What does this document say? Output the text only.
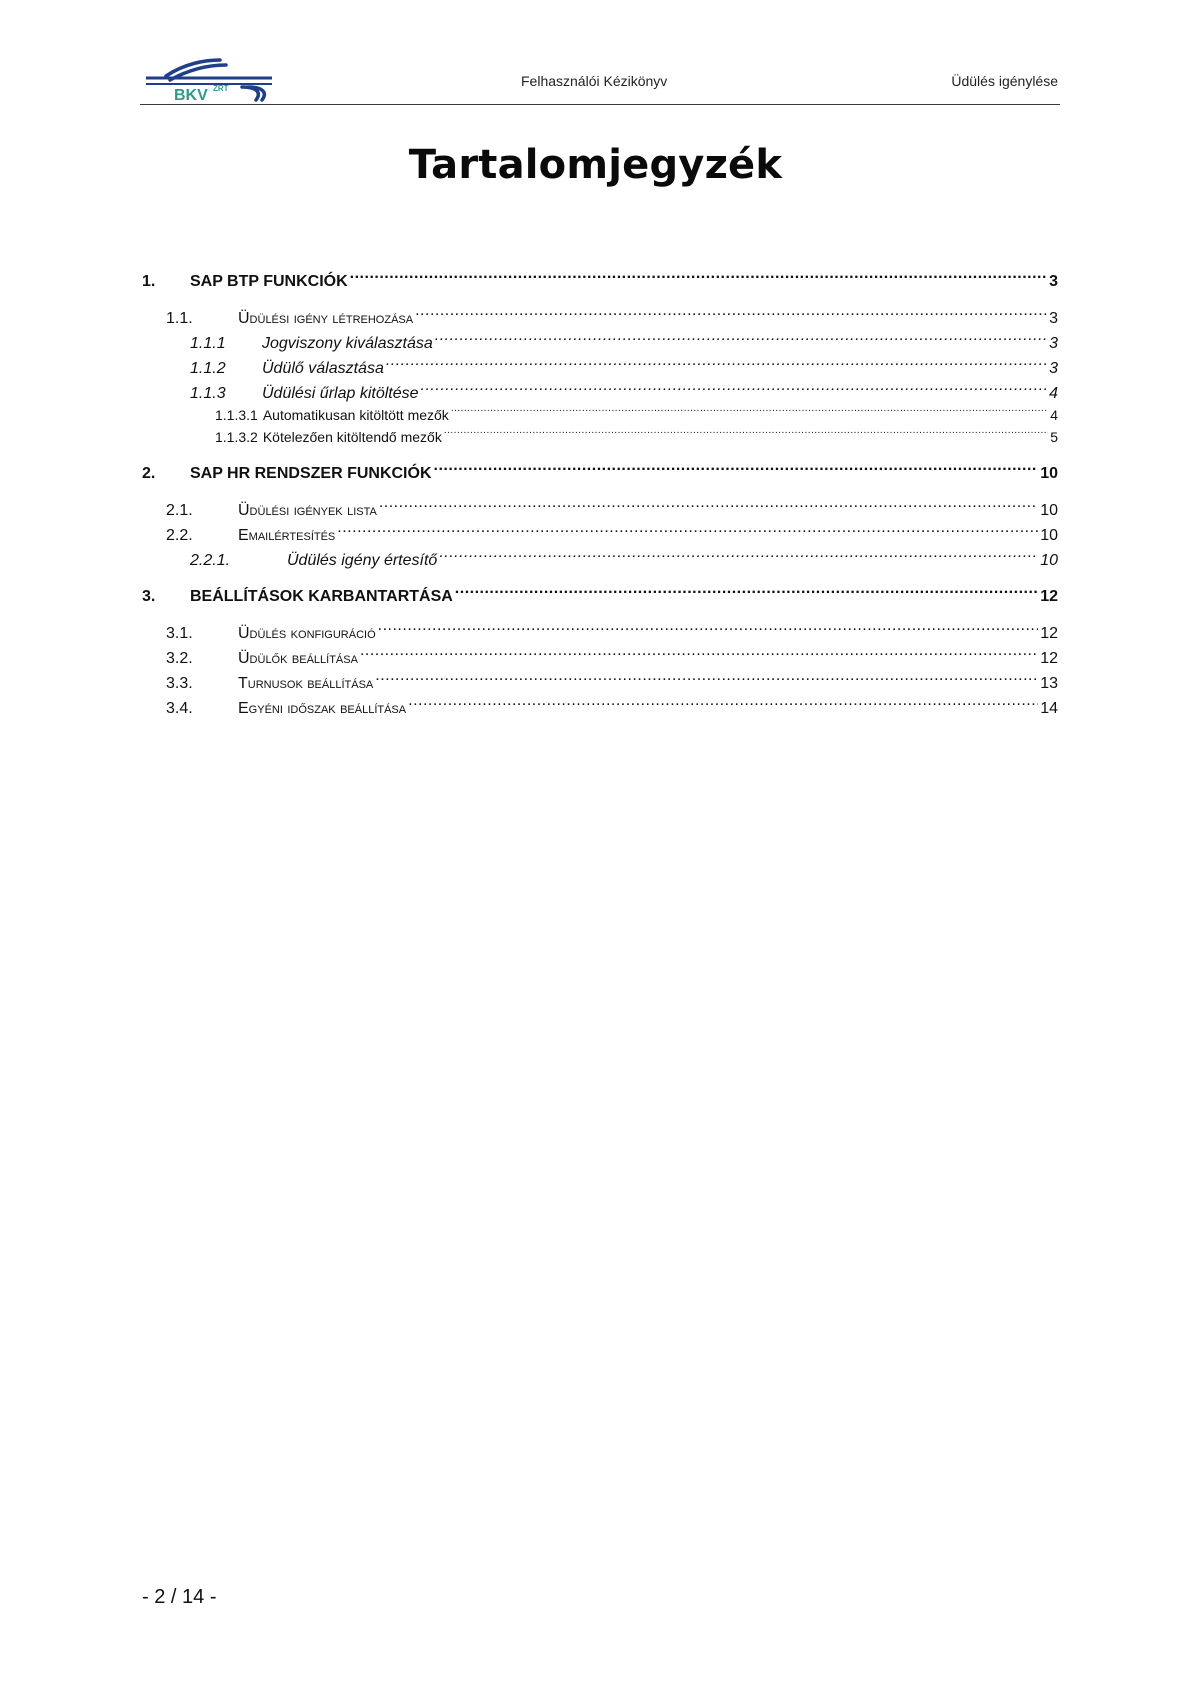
BKV ZRT	Felhasználói Kézikönyv	Üdülés igénylése
Tartalomjegyzék
1.	SAP BTP FUNKCIÓK .....	3
1.1.	Üdülési igény létrehozása .....	3
1.1.1	Jogviszony kiválasztása .....	3
1.1.2	Üdülő választása .....	3
1.1.3	Üdülési űrlap kitöltése .....	4
1.1.3.1 Automatikusan kitöltött mezők .....	4
1.1.3.2 Kötelezően kitöltendő mezők .....	5
2.	SAP HR RENDSZER FUNKCIÓK .....	10
2.1.	Üdülési igények lista .....	10
2.2.	Emailértesítés .....	10
2.2.1.	Üdülés igény értesítő .....	10
3.	BEÁLLÍTÁSOK KARBANTARTÁSA .....	12
3.1.	Üdülés konfiguráció .....	12
3.2.	Üdülők beállítása .....	12
3.3.	Turnusok beállítása .....	13
3.4.	Egyéni időszak beállítása .....	14
- 2 / 14 -
